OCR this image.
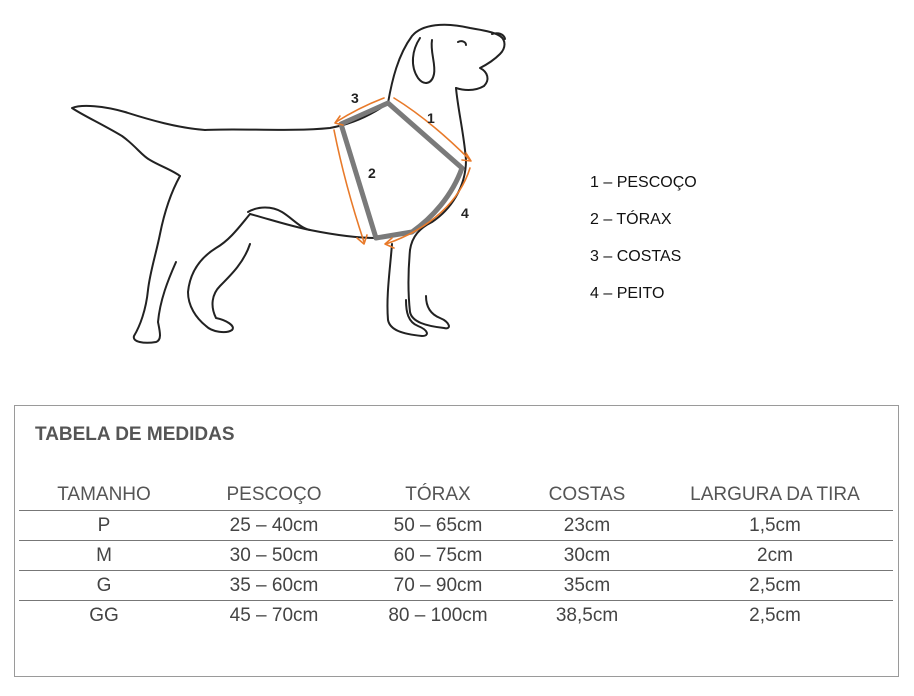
1
2
3
4
1 – PESCOÇO
2 – TÓRAX
3 – COSTAS
4 – PEITO
TABELA DE MEDIDAS
TAMANHO	PESCOÇO	TÓRAX	COSTAS	LARGURA DA TIRA
P	25 – 40cm	50 – 65cm	23cm	1,5cm
M	30 – 50cm	60 – 75cm	30cm	2cm
G	35 – 60cm	70 – 90cm	35cm	2,5cm
GG	45 – 70cm	80 – 100cm	38,5cm	2,5cm
